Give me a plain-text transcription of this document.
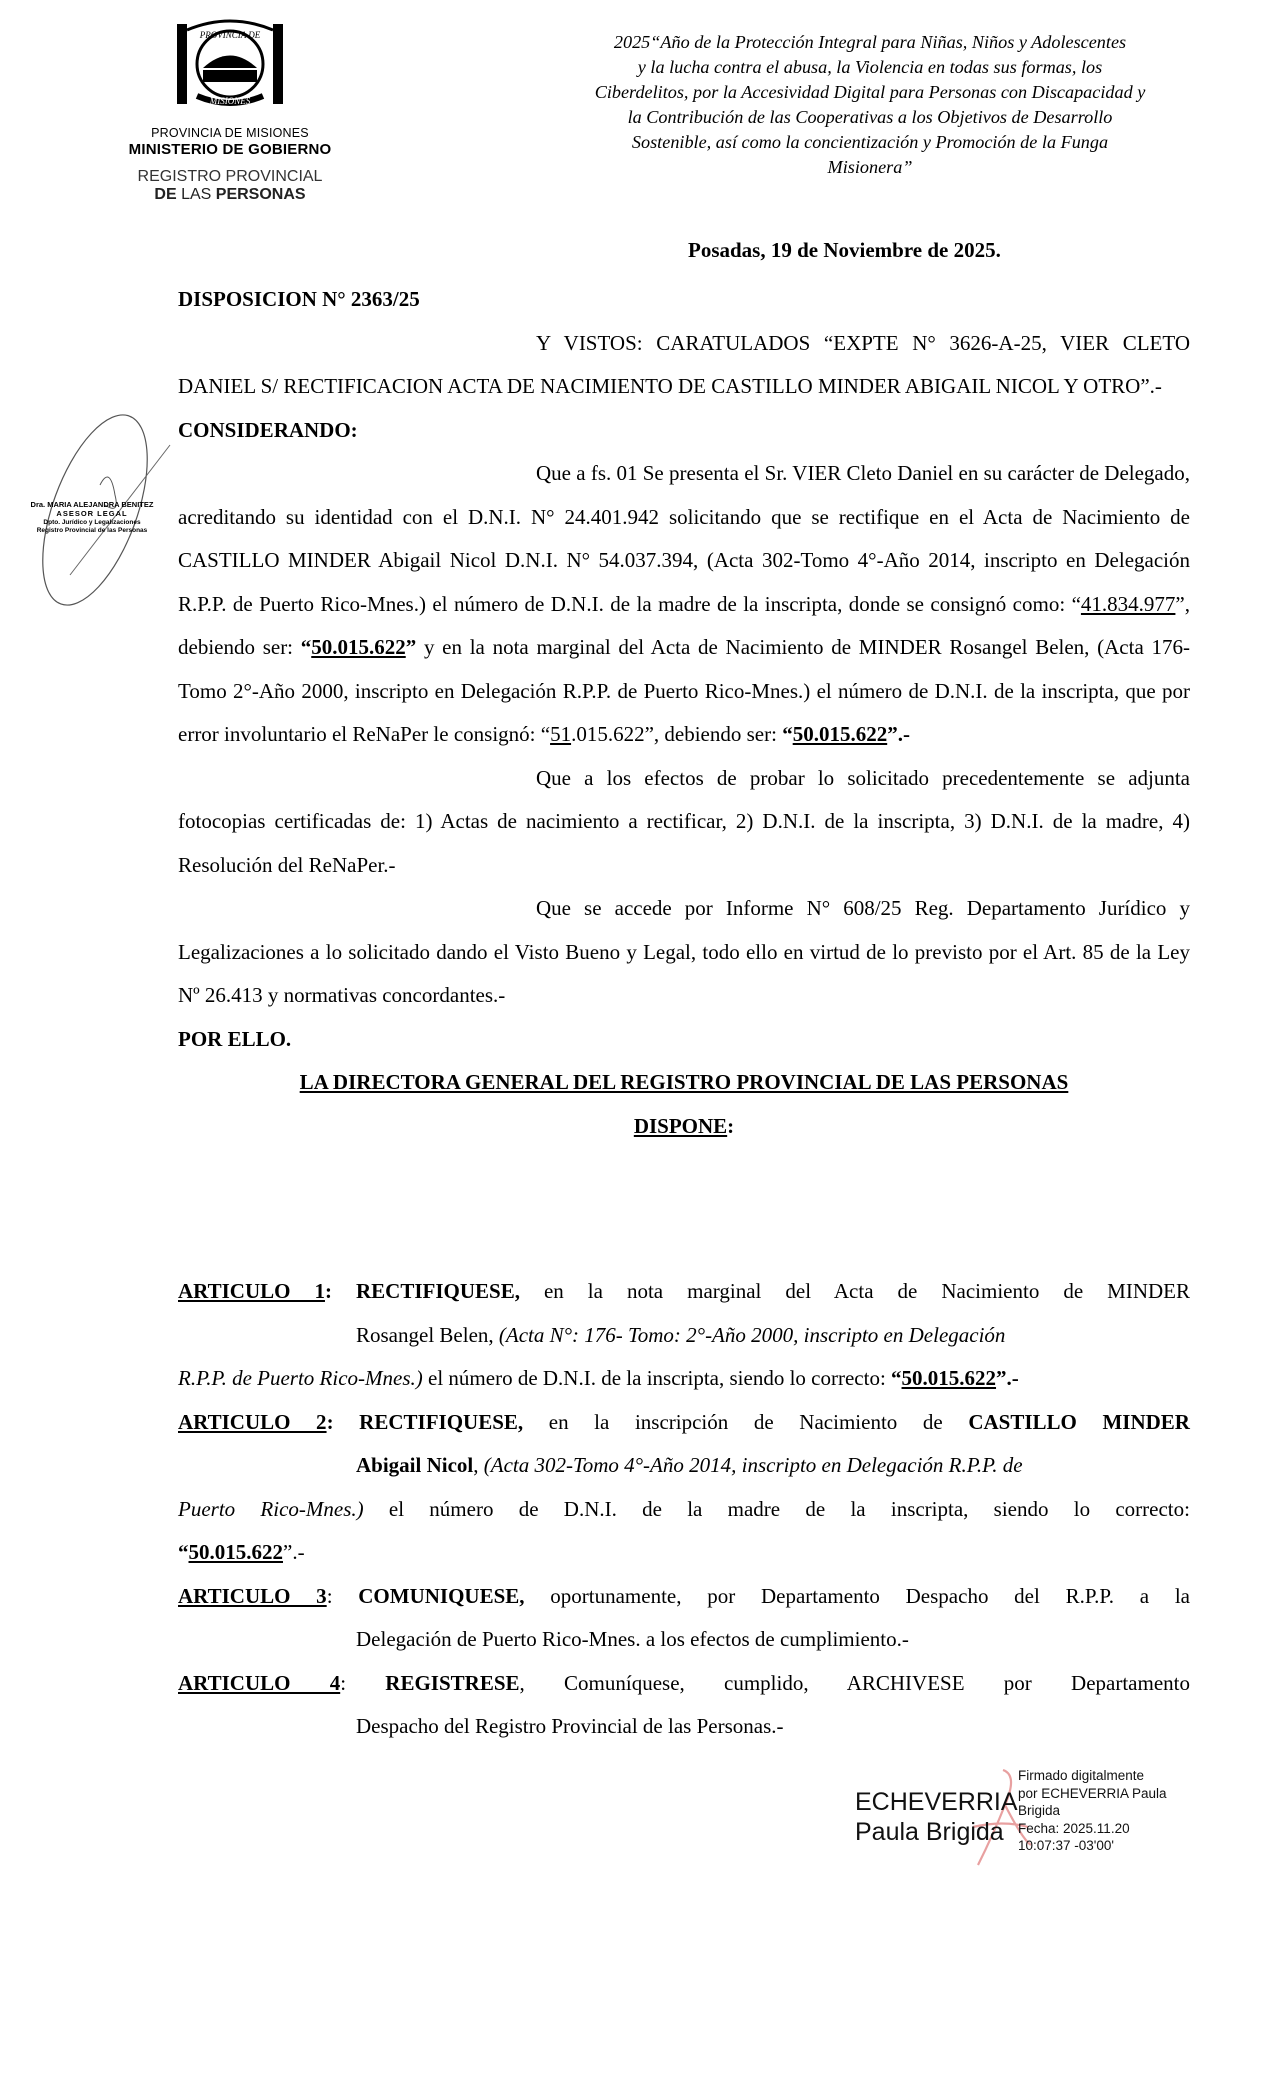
PROVINCIA DE
MISIONES
PROVINCIA DE MISIONES
MINISTERIO DE GOBIERNO
REGISTRO PROVINCIAL
DE LAS PERSONAS
2025“Año de la Protección Integral para Niñas, Niños y Adolescentes
y la lucha contra el abusa, la Violencia en todas sus formas, los
Ciberdelitos, por la Accesividad Digital para Personas con Discapacidad y
la Contribución de las Cooperativas a los Objetivos de Desarrollo
Sostenible, así como la concientización y Promoción de la Funga
Misionera”
Posadas, 19 de Noviembre de 2025.
Dra. MARIA ALEJANDRA BENITEZ
ASESOR LEGAL
Dpto. Jurídico y Legalizaciones
Registro Provincial de las Personas

DISPOSICION N° 2363/25

Y VISTOS: CARATULADOS “EXPTE N° 3626-A-25, VIER CLETO DANIEL S/ RECTIFICACION ACTA DE NACIMIENTO DE CASTILLO MINDER ABIGAIL NICOL Y OTRO”.-

CONSIDERANDO:

Que a fs. 01 Se presenta el Sr. VIER Cleto Daniel en su carácter de Delegado, acreditando su identidad con el D.N.I. N° 24.401.942 solicitando que se rectifique en el Acta de Nacimiento de CASTILLO MINDER Abigail Nicol D.N.I. N° 54.037.394, (Acta 302-Tomo 4°-Año 2014, inscripto en Delegación R.P.P. de Puerto Rico-Mnes.) el número de D.N.I. de la madre de la inscripta, donde se consignó como: “41.834.977”, debiendo ser: “50.015.622” y en la nota marginal del Acta de Nacimiento de MINDER Rosangel Belen, (Acta 176-Tomo 2°-Año 2000, inscripto en Delegación R.P.P. de Puerto Rico-Mnes.) el número de D.N.I. de la inscripta, que por error involuntario el ReNaPer le consignó: “51.015.622”, debiendo ser: “50.015.622”.-

Que a los efectos de probar lo solicitado precedentemente se adjunta fotocopias certificadas de: 1) Actas de nacimiento a rectificar, 2) D.N.I. de la inscripta, 3) D.N.I. de la madre, 4) Resolución del ReNaPer.-

Que se accede por Informe N° 608/25 Reg. Departamento Jurídico y Legalizaciones a lo solicitado dando el Visto Bueno y Legal, todo ello en virtud de lo previsto por el Art. 85 de la Ley Nº 26.413 y normativas concordantes.-

POR ELLO.

LA DIRECTORA GENERAL DEL REGISTRO PROVINCIAL DE LAS PERSONAS

DISPONE:

ARTICULO 1: RECTIFIQUESE, en la nota marginal del Acta de Nacimiento de MINDER
Rosangel Belen, (Acta N°: 176- Tomo: 2°-Año 2000, inscripto en Delegación
R.P.P. de Puerto Rico-Mnes.) el número de D.N.I. de la inscripta, siendo lo correcto: “50.015.622”.-
ARTICULO 2: RECTIFIQUESE, en la inscripción de Nacimiento de CASTILLO MINDER
Abigail Nicol, (Acta 302-Tomo 4°-Año 2014, inscripto en Delegación R.P.P. de
Puerto Rico-Mnes.) el número de D.N.I. de la madre de la inscripta, siendo lo correcto:
“50.015.622”.-
ARTICULO 3: COMUNIQUESE, oportunamente, por Departamento Despacho del R.P.P. a la
Delegación de Puerto Rico-Mnes. a los efectos de cumplimiento.-
ARTICULO 4: REGISTRESE, Comuníquese, cumplido, ARCHIVESE por Departamento
Despacho del Registro Provincial de las Personas.-
ECHEVERRIA
Paula Brigida
Firmado digitalmente
por ECHEVERRIA Paula
Brigida
Fecha: 2025.11.20
10:07:37 -03'00'
